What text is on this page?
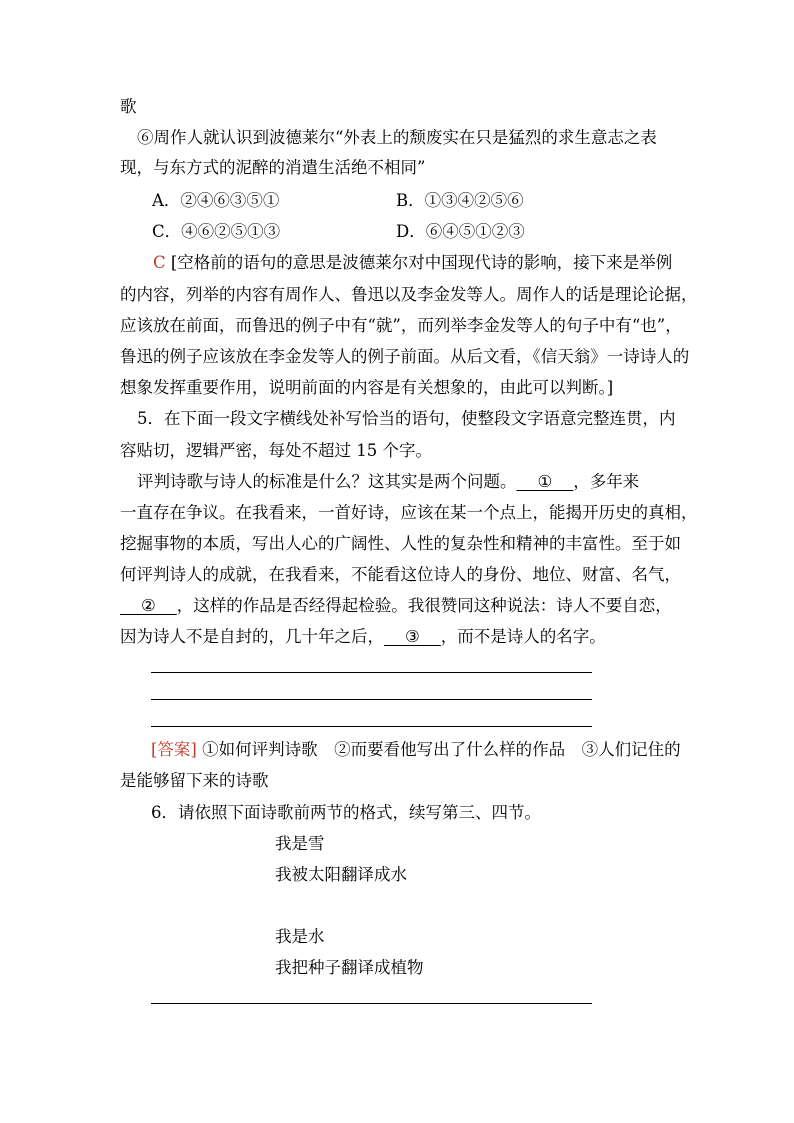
歌
⑥周作人就认识到波德莱尔“外表上的颓废实在只是猛烈的求生意志之表
现，与东方式的泥醉的消遣生活绝不相同”
A．②④⑥③⑤①	B．①③④②⑤⑥
C．④⑥②⑤①③	D．⑥④⑤①②③
C [空格前的语句的意思是波德莱尔对中国现代诗的影响，接下来是举例
的内容，列举的内容有周作人、鲁迅以及李金发等人。周作人的话是理论论据，
应该放在前面，而鲁迅的例子中有“就”，而列举李金发等人的句子中有“也”，
鲁迅的例子应该放在李金发等人的例子前面。从后文看，《信天翁》一诗诗人的
想象发挥重要作用，说明前面的内容是有关想象的，由此可以判断。]
5．在下面一段文字横线处补写恰当的语句，使整段文字语意完整连贯，内
容贴切，逻辑严密，每处不超过 15 个字。
评判诗歌与诗人的标准是什么？这其实是两个问题。    ①    ，多年来
一直存在争议。在我看来，一首好诗，应该在某一个点上，能揭开历史的真相，
挖掘事物的本质，写出人心的广阔性、人性的复杂性和精神的丰富性。至于如
何评判诗人的成就，在我看来，不能看这位诗人的身份、地位、财富、名气，
②    ，这样的作品是否经得起检验。我很赞同这种说法：诗人不要自恋，
因为诗人不是自封的，几十年之后，    ③    ，而不是诗人的名字。
[答案] ①如何评判诗歌　②而要看他写出了什么样的作品　③人们记住的
是能够留下来的诗歌
6．请依照下面诗歌前两节的格式，续写第三、四节。
我是雪
我被太阳翻译成水
我是水
我把种子翻译成植物
